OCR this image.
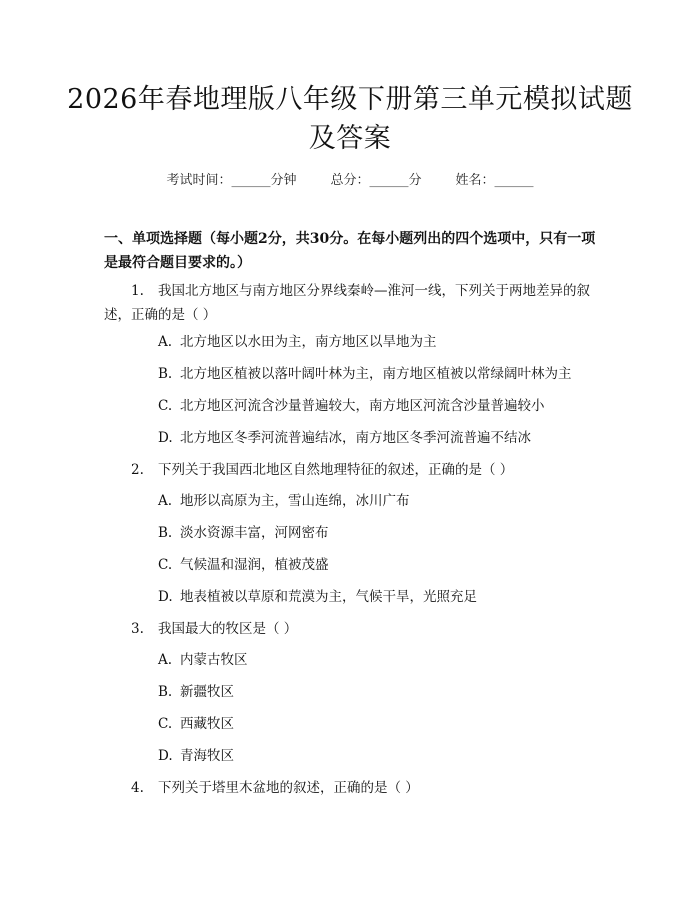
2026年春地理版八年级下册第三单元模拟试题及答案
考试时间：______分钟	总分：______分	姓名：______
一、单项选择题（每小题2分，共30分。在每小题列出的四个选项中，只有一项是最符合题目要求的。）
1. 我国北方地区与南方地区分界线秦岭—淮河一线，下列关于两地差异的叙述，正确的是（ ）
A. 北方地区以水田为主，南方地区以旱地为主
B. 北方地区植被以落叶阔叶林为主，南方地区植被以常绿阔叶林为主
C. 北方地区河流含沙量普遍较大，南方地区河流含沙量普遍较小
D. 北方地区冬季河流普遍结冰，南方地区冬季河流普遍不结冰
2. 下列关于我国西北地区自然地理特征的叙述，正确的是（ ）
A. 地形以高原为主，雪山连绵，冰川广布
B. 淡水资源丰富，河网密布
C. 气候温和湿润，植被茂盛
D. 地表植被以草原和荒漠为主，气候干旱，光照充足
3. 我国最大的牧区是（ ）
A. 内蒙古牧区
B. 新疆牧区
C. 西藏牧区
D. 青海牧区
4. 下列关于塔里木盆地的叙述，正确的是（ ）
